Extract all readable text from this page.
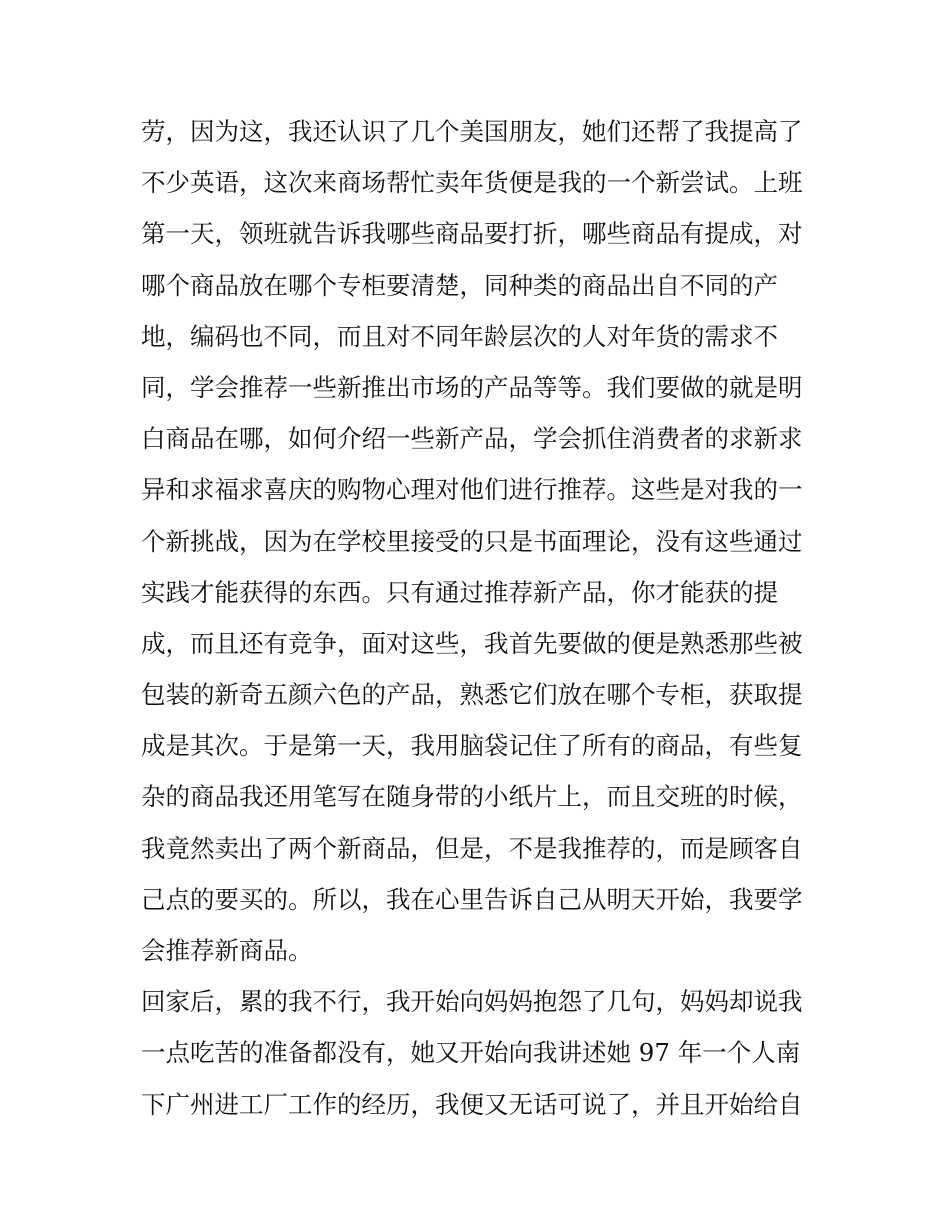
劳，因为这，我还认识了几个美国朋友，她们还帮了我提高了
不少英语，这次来商场帮忙卖年货便是我的一个新尝试。上班
第一天，领班就告诉我哪些商品要打折，哪些商品有提成，对
哪个商品放在哪个专柜要清楚，同种类的商品出自不同的产
地，编码也不同，而且对不同年龄层次的人对年货的需求不
同，学会推荐一些新推出市场的产品等等。我们要做的就是明
白商品在哪，如何介绍一些新产品，学会抓住消费者的求新求
异和求福求喜庆的购物心理对他们进行推荐。这些是对我的一
个新挑战，因为在学校里接受的只是书面理论，没有这些通过
实践才能获得的东西。只有通过推荐新产品，你才能获的提
成，而且还有竞争，面对这些，我首先要做的便是熟悉那些被
包装的新奇五颜六色的产品，熟悉它们放在哪个专柜，获取提
成是其次。于是第一天，我用脑袋记住了所有的商品，有些复
杂的商品我还用笔写在随身带的小纸片上，而且交班的时候，
我竟然卖出了两个新商品，但是，不是我推荐的，而是顾客自
己点的要买的。所以，我在心里告诉自己从明天开始，我要学
会推荐新商品。
回家后，累的我不行，我开始向妈妈抱怨了几句，妈妈却说我
一点吃苦的准备都没有，她又开始向我讲述她 97 年一个人南
下广州进工厂工作的经历，我便又无话可说了，并且开始给自
